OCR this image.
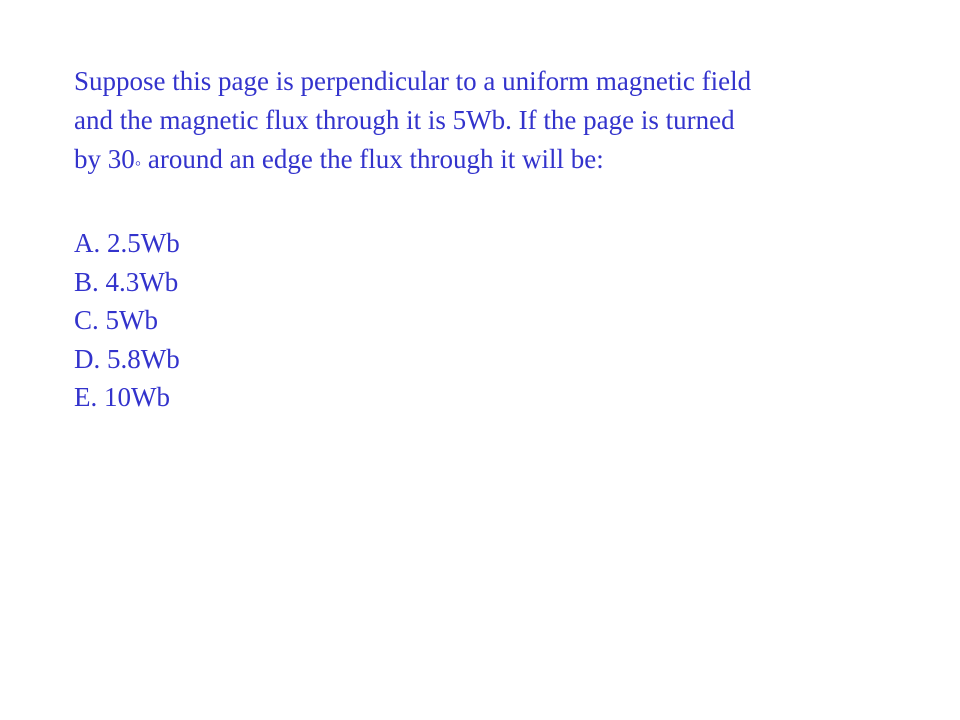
Suppose this page is perpendicular to a uniform magnetic field
and the magnetic flux through it is 5Wb. If the page is turned
by 30◦ around an edge the flux through it will be:

A. 2.5Wb
B. 4.3Wb
C. 5Wb
D. 5.8Wb
E. 10Wb
